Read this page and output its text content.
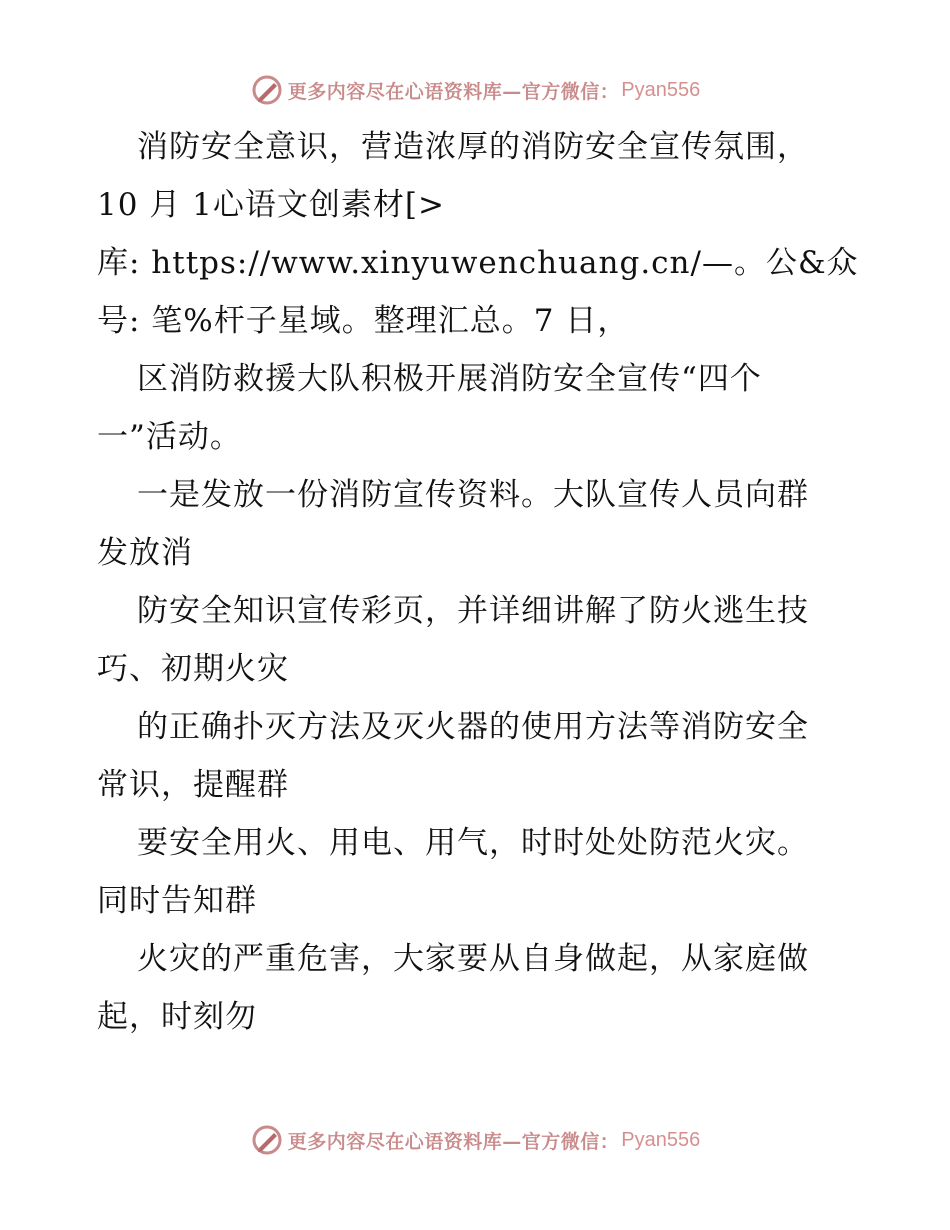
更多内容尽在心语资料库—官方微信： Pyan556
消防安全意识，营造浓厚的消防安全宣传氛围，
10 月 1心语文创素材[>
库: https://www.xinyuwenchuang.cn/—。公&众
号: 笔%杆子星域。整理汇总。7 日，
区消防救援大队积极开展消防安全宣传“四个
一”活动。
一是发放一份消防宣传资料。大队宣传人员向群
发放消
防安全知识宣传彩页，并详细讲解了防火逃生技
巧、初期火灾
的正确扑灭方法及灭火器的使用方法等消防安全
常识，提醒群
要安全用火、用电、用气，时时处处防范火灾。
同时告知群
火灾的严重危害，大家要从自身做起，从家庭做
起，时刻勿
更多内容尽在心语资料库—官方微信： Pyan556
